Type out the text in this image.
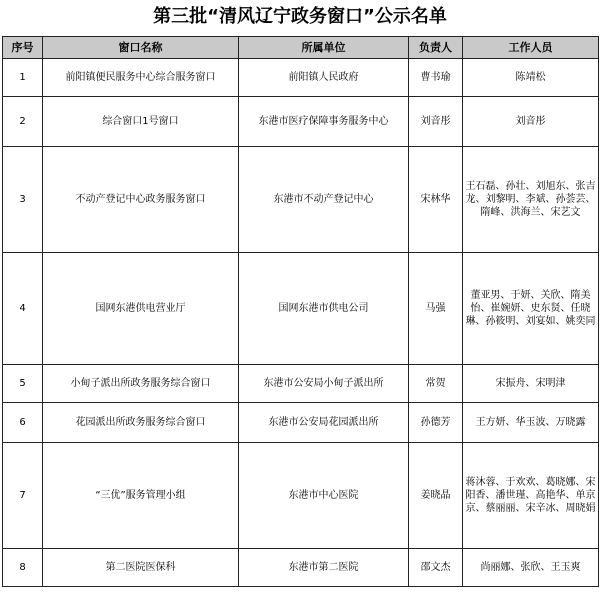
第三批“清风辽宁政务窗口”公示名单
序号	窗口名称	所属单位	负责人	工作人员
1	前阳镇便民服务中心综合服务窗口	前阳镇人民政府	曹书瑜	陈靖松
2	综合窗口1号窗口	东港市医疗保障事务服务中心	刘音彤	刘音彤
3	不动产登记中心政务服务窗口	东港市不动产登记中心	宋林华	王石磊、孙壮、刘旭东、张吉龙、刘黎明、李斌、孙荟芸、隋峰、洪海兰、宋艺文
4	国网东港供电营业厅	国网东港市供电公司	马强	董亚男、于妍、关欣、隋美怡、崔婉妍、史东贤、任晓琳、孙筱明、刘宴如、姚奕同
5	小甸子派出所政务服务综合窗口	东港市公安局小甸子派出所	常贺	宋振舟、宋明津
6	花园派出所政务服务综合窗口	东港市公安局花园派出所	孙德芳	王方妍、华玉波、万晓露
7	“三优”服务管理小组	东港市中心医院	姜晓晶	蒋沐蓉、于欢欢、葛晓娜、宋阳香、潘世瑾、高艳华、单京京、蔡丽丽、宋辛冰、周晓娟
8	第二医院医保科	东港市第二医院	邵文杰	尚丽娜、张欣、王玉爽
